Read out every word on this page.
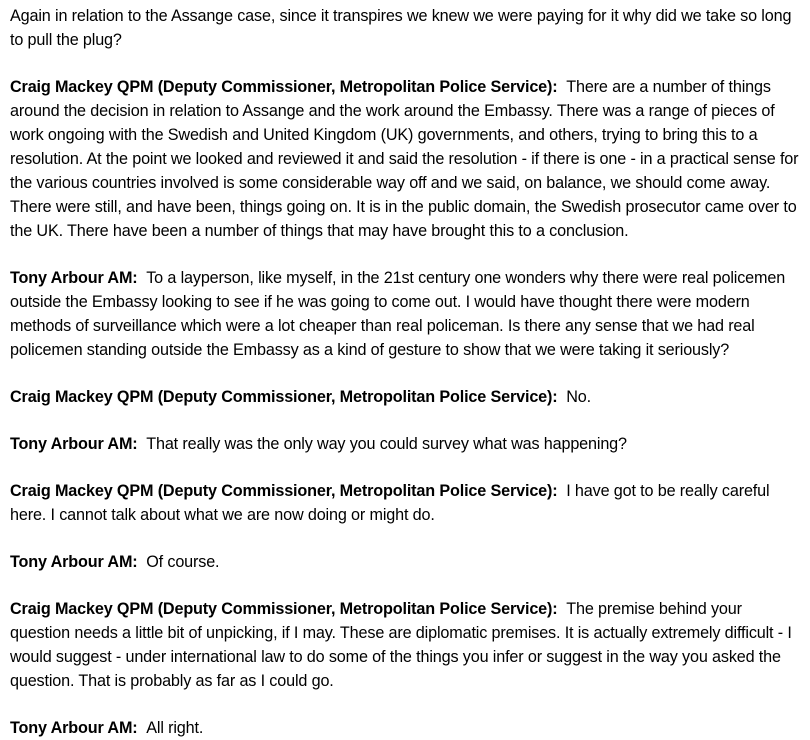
Again in relation to the Assange case, since it transpires we knew we were paying for it why did we take so long to pull the plug?

Craig Mackey QPM (Deputy Commissioner, Metropolitan Police Service): There are a number of things around the decision in relation to Assange and the work around the Embassy. There was a range of pieces of work ongoing with the Swedish and United Kingdom (UK) governments, and others, trying to bring this to a resolution. At the point we looked and reviewed it and said the resolution - if there is one - in a practical sense for the various countries involved is some considerable way off and we said, on balance, we should come away. There were still, and have been, things going on. It is in the public domain, the Swedish prosecutor came over to the UK. There have been a number of things that may have brought this to a conclusion.

Tony Arbour AM: To a layperson, like myself, in the 21st century one wonders why there were real policemen outside the Embassy looking to see if he was going to come out. I would have thought there were modern methods of surveillance which were a lot cheaper than real policeman. Is there any sense that we had real policemen standing outside the Embassy as a kind of gesture to show that we were taking it seriously?

Craig Mackey QPM (Deputy Commissioner, Metropolitan Police Service): No.

Tony Arbour AM: That really was the only way you could survey what was happening?

Craig Mackey QPM (Deputy Commissioner, Metropolitan Police Service): I have got to be really careful here. I cannot talk about what we are now doing or might do.

Tony Arbour AM: Of course.

Craig Mackey QPM (Deputy Commissioner, Metropolitan Police Service): The premise behind your question needs a little bit of unpicking, if I may. These are diplomatic premises. It is actually extremely difficult - I would suggest - under international law to do some of the things you infer or suggest in the way you asked the question. That is probably as far as I could go.

Tony Arbour AM: All right.
